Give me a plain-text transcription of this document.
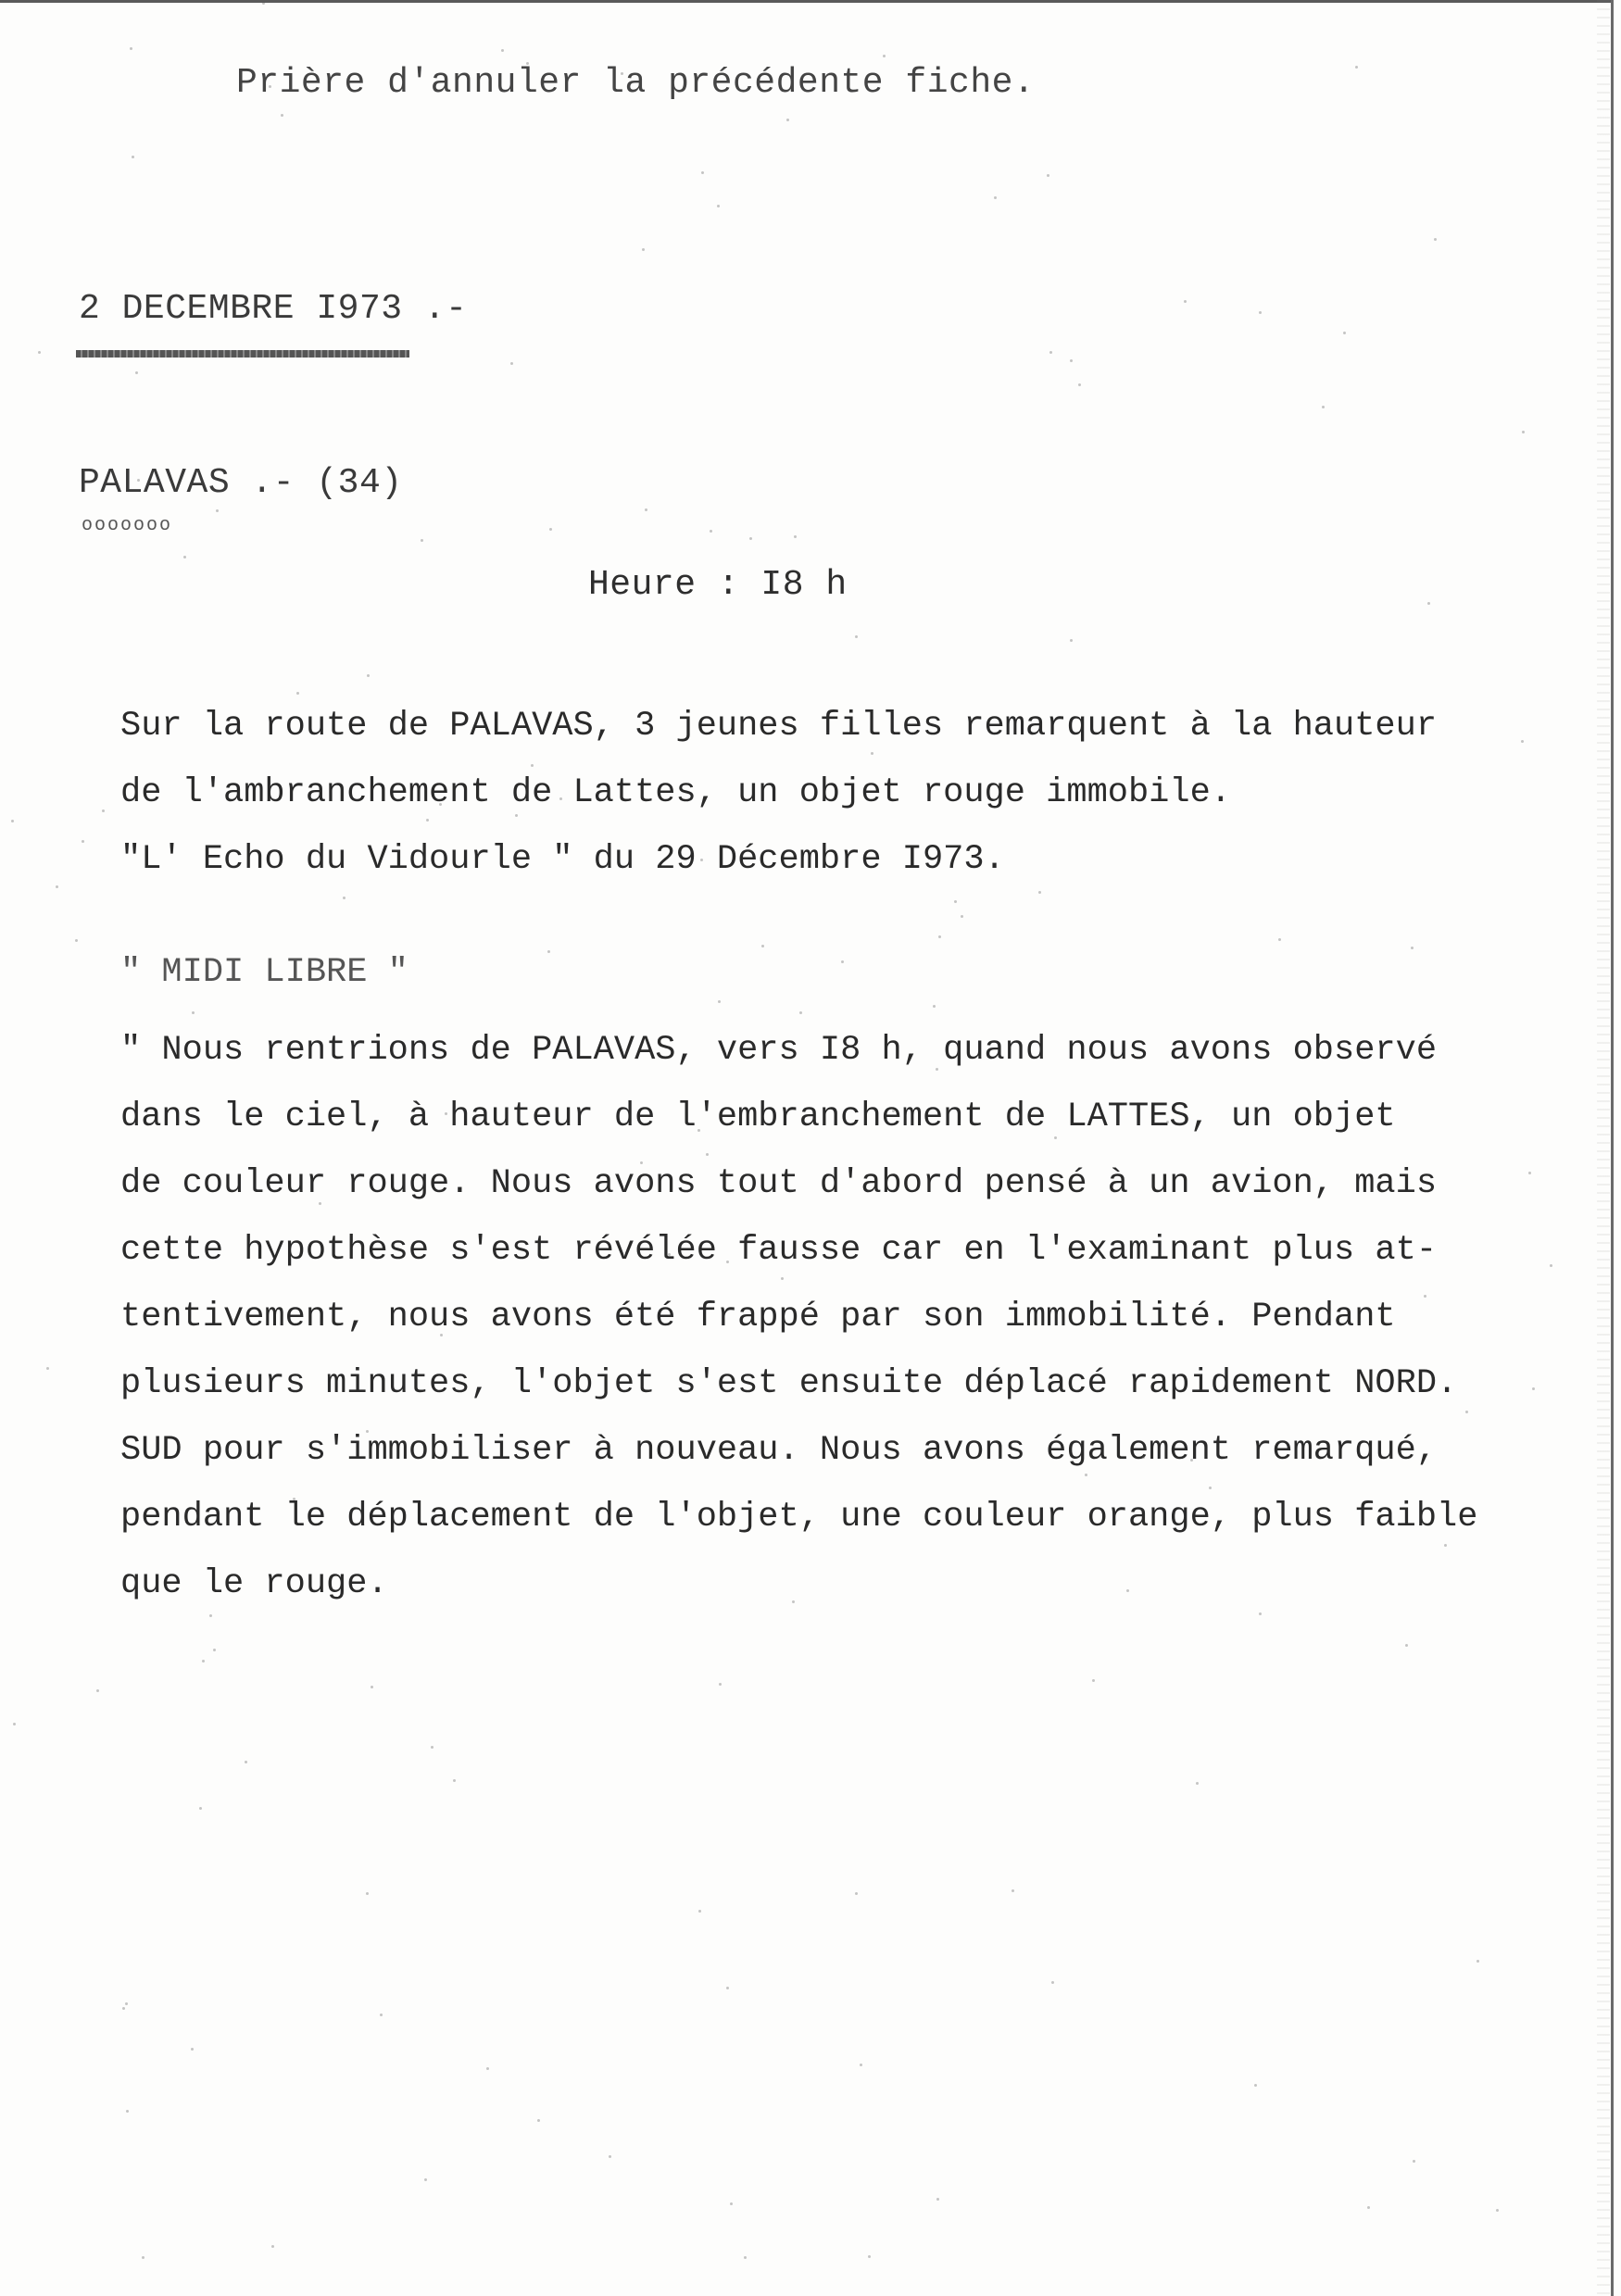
Prière d'annuler la précédente fiche.
2 DECEMBRE I973 .-
PALAVAS .- (34)
ooooooo
Heure : I8 h
Sur la route de PALAVAS, 3 jeunes filles remarquent à la hauteur
de l'ambranchement de Lattes, un objet rouge immobile.
"L' Echo du Vidourle " du 29 Décembre I973.
" MIDI LIBRE "
" Nous rentrions de PALAVAS, vers I8 h, quand nous avons observé
dans le ciel, à hauteur de l'embranchement de LATTES, un objet
de couleur rouge. Nous avons tout d'abord pensé à un avion, mais
cette hypothèse s'est révélée fausse car en l'examinant plus at-
tentivement, nous avons été frappé par son immobilité. Pendant
plusieurs minutes, l'objet s'est ensuite déplacé rapidement NORD.
SUD pour s'immobiliser à nouveau. Nous avons également remarqué,
pendant le déplacement de l'objet, une couleur orange, plus faible
que le rouge.
